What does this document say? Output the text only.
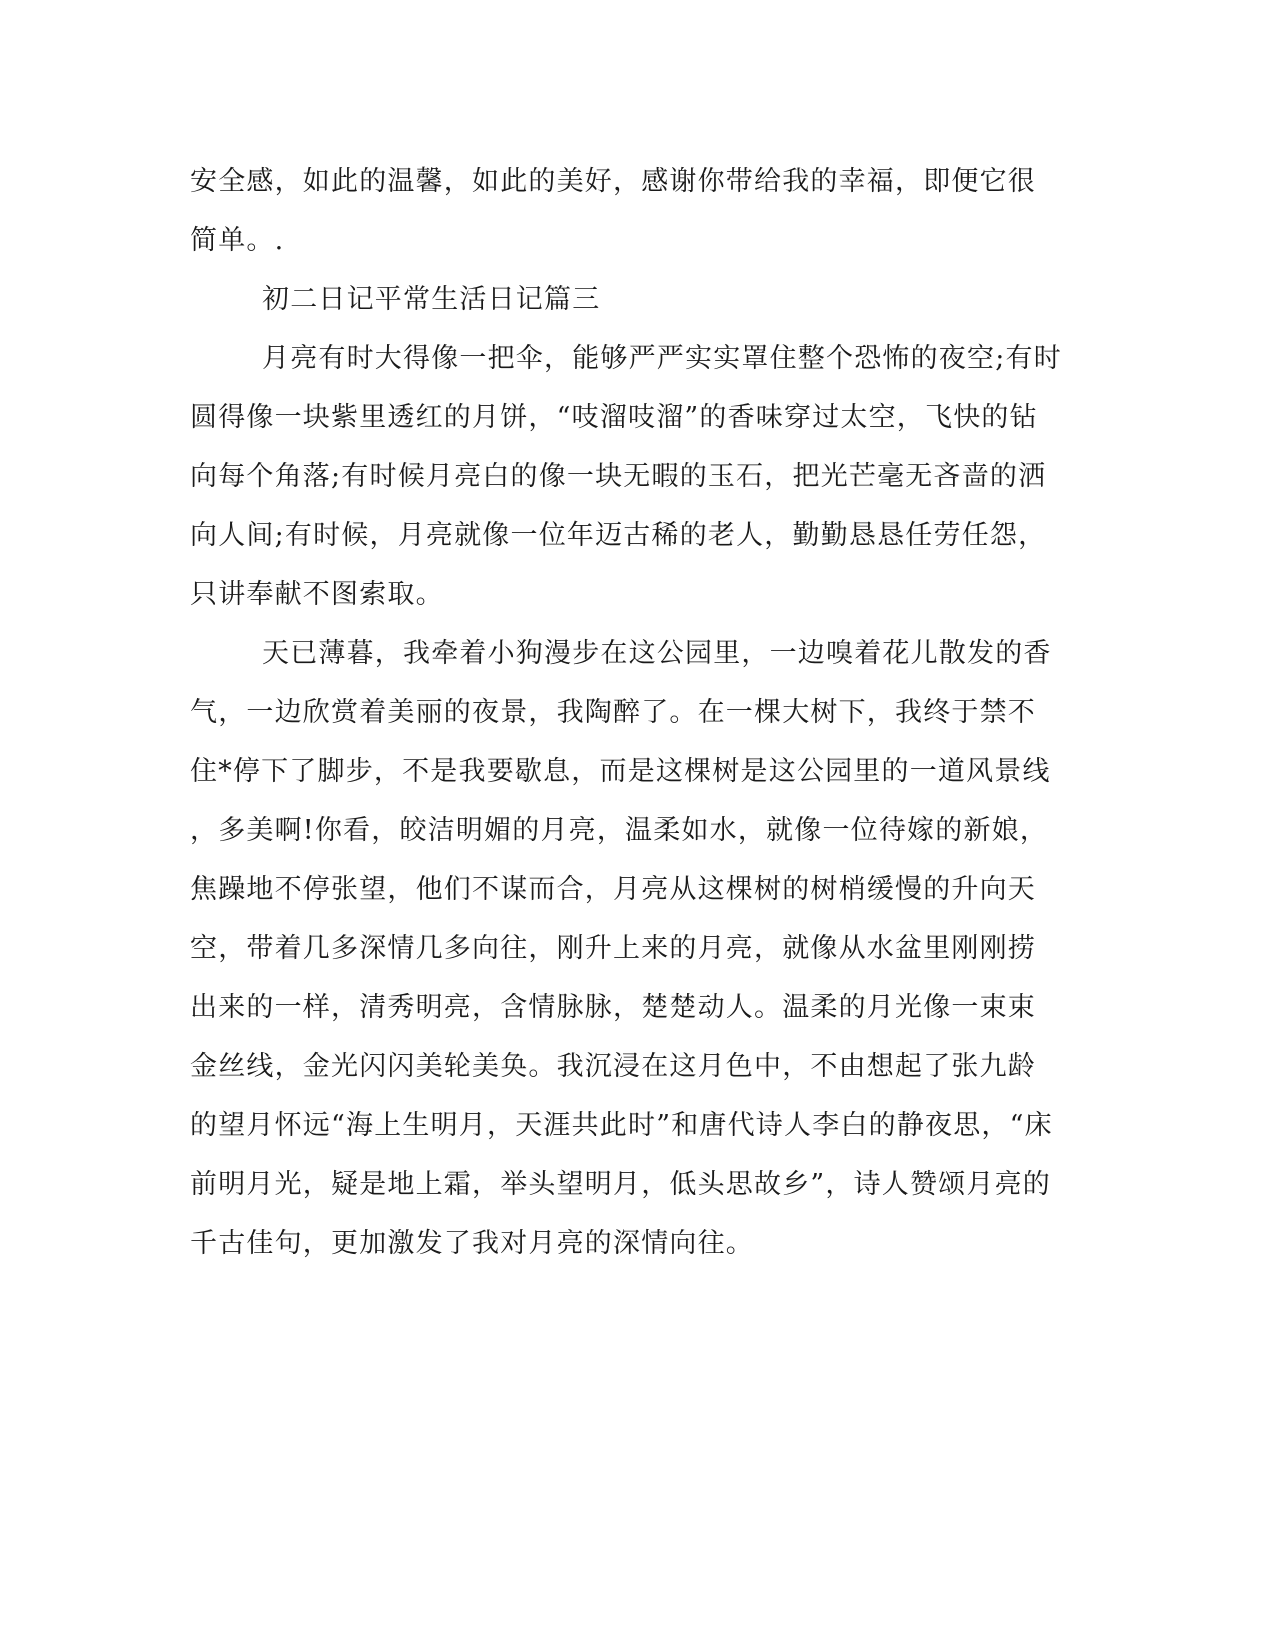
安全感，如此的温馨，如此的美好，感谢你带给我的幸福，即便它很
简单。.
初二日记平常生活日记篇三
月亮有时大得像一把伞，能够严严实实罩住整个恐怖的夜空;有时
圆得像一块紫里透红的月饼，“吱溜吱溜”的香味穿过太空，飞快的钻
向每个角落;有时候月亮白的像一块无暇的玉石，把光芒毫无吝啬的洒
向人间;有时候，月亮就像一位年迈古稀的老人，勤勤恳恳任劳任怨，
只讲奉献不图索取。
天已薄暮，我牵着小狗漫步在这公园里，一边嗅着花儿散发的香
气，一边欣赏着美丽的夜景，我陶醉了。在一棵大树下，我终于禁不
住*停下了脚步，不是我要歇息，而是这棵树是这公园里的一道风景线
，多美啊!你看，皎洁明媚的月亮，温柔如水，就像一位待嫁的新娘，
焦躁地不停张望，他们不谋而合，月亮从这棵树的树梢缓慢的升向天
空，带着几多深情几多向往，刚升上来的月亮，就像从水盆里刚刚捞
出来的一样，清秀明亮，含情脉脉，楚楚动人。温柔的月光像一束束
金丝线，金光闪闪美轮美奂。我沉浸在这月色中，不由想起了张九龄
的望月怀远“海上生明月，天涯共此时”和唐代诗人李白的静夜思，“床
前明月光，疑是地上霜，举头望明月，低头思故乡”，诗人赞颂月亮的
千古佳句，更加激发了我对月亮的深情向往。
